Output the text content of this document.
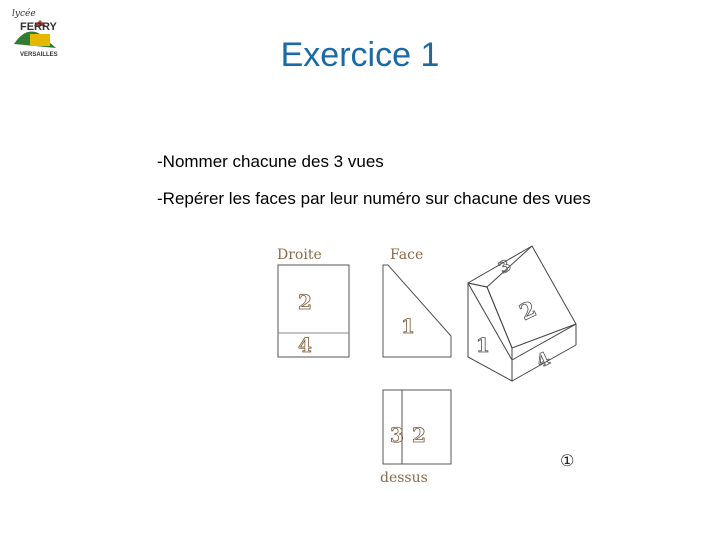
lycée
FERRY
VERSAILLES	Exercice 1
-Nommer chacune des 3 vues
-Repérer les faces par leur numéro sur chacune des vues
Droite
2
4
Face
1
3 2
dessus
3
2
1
4
①
